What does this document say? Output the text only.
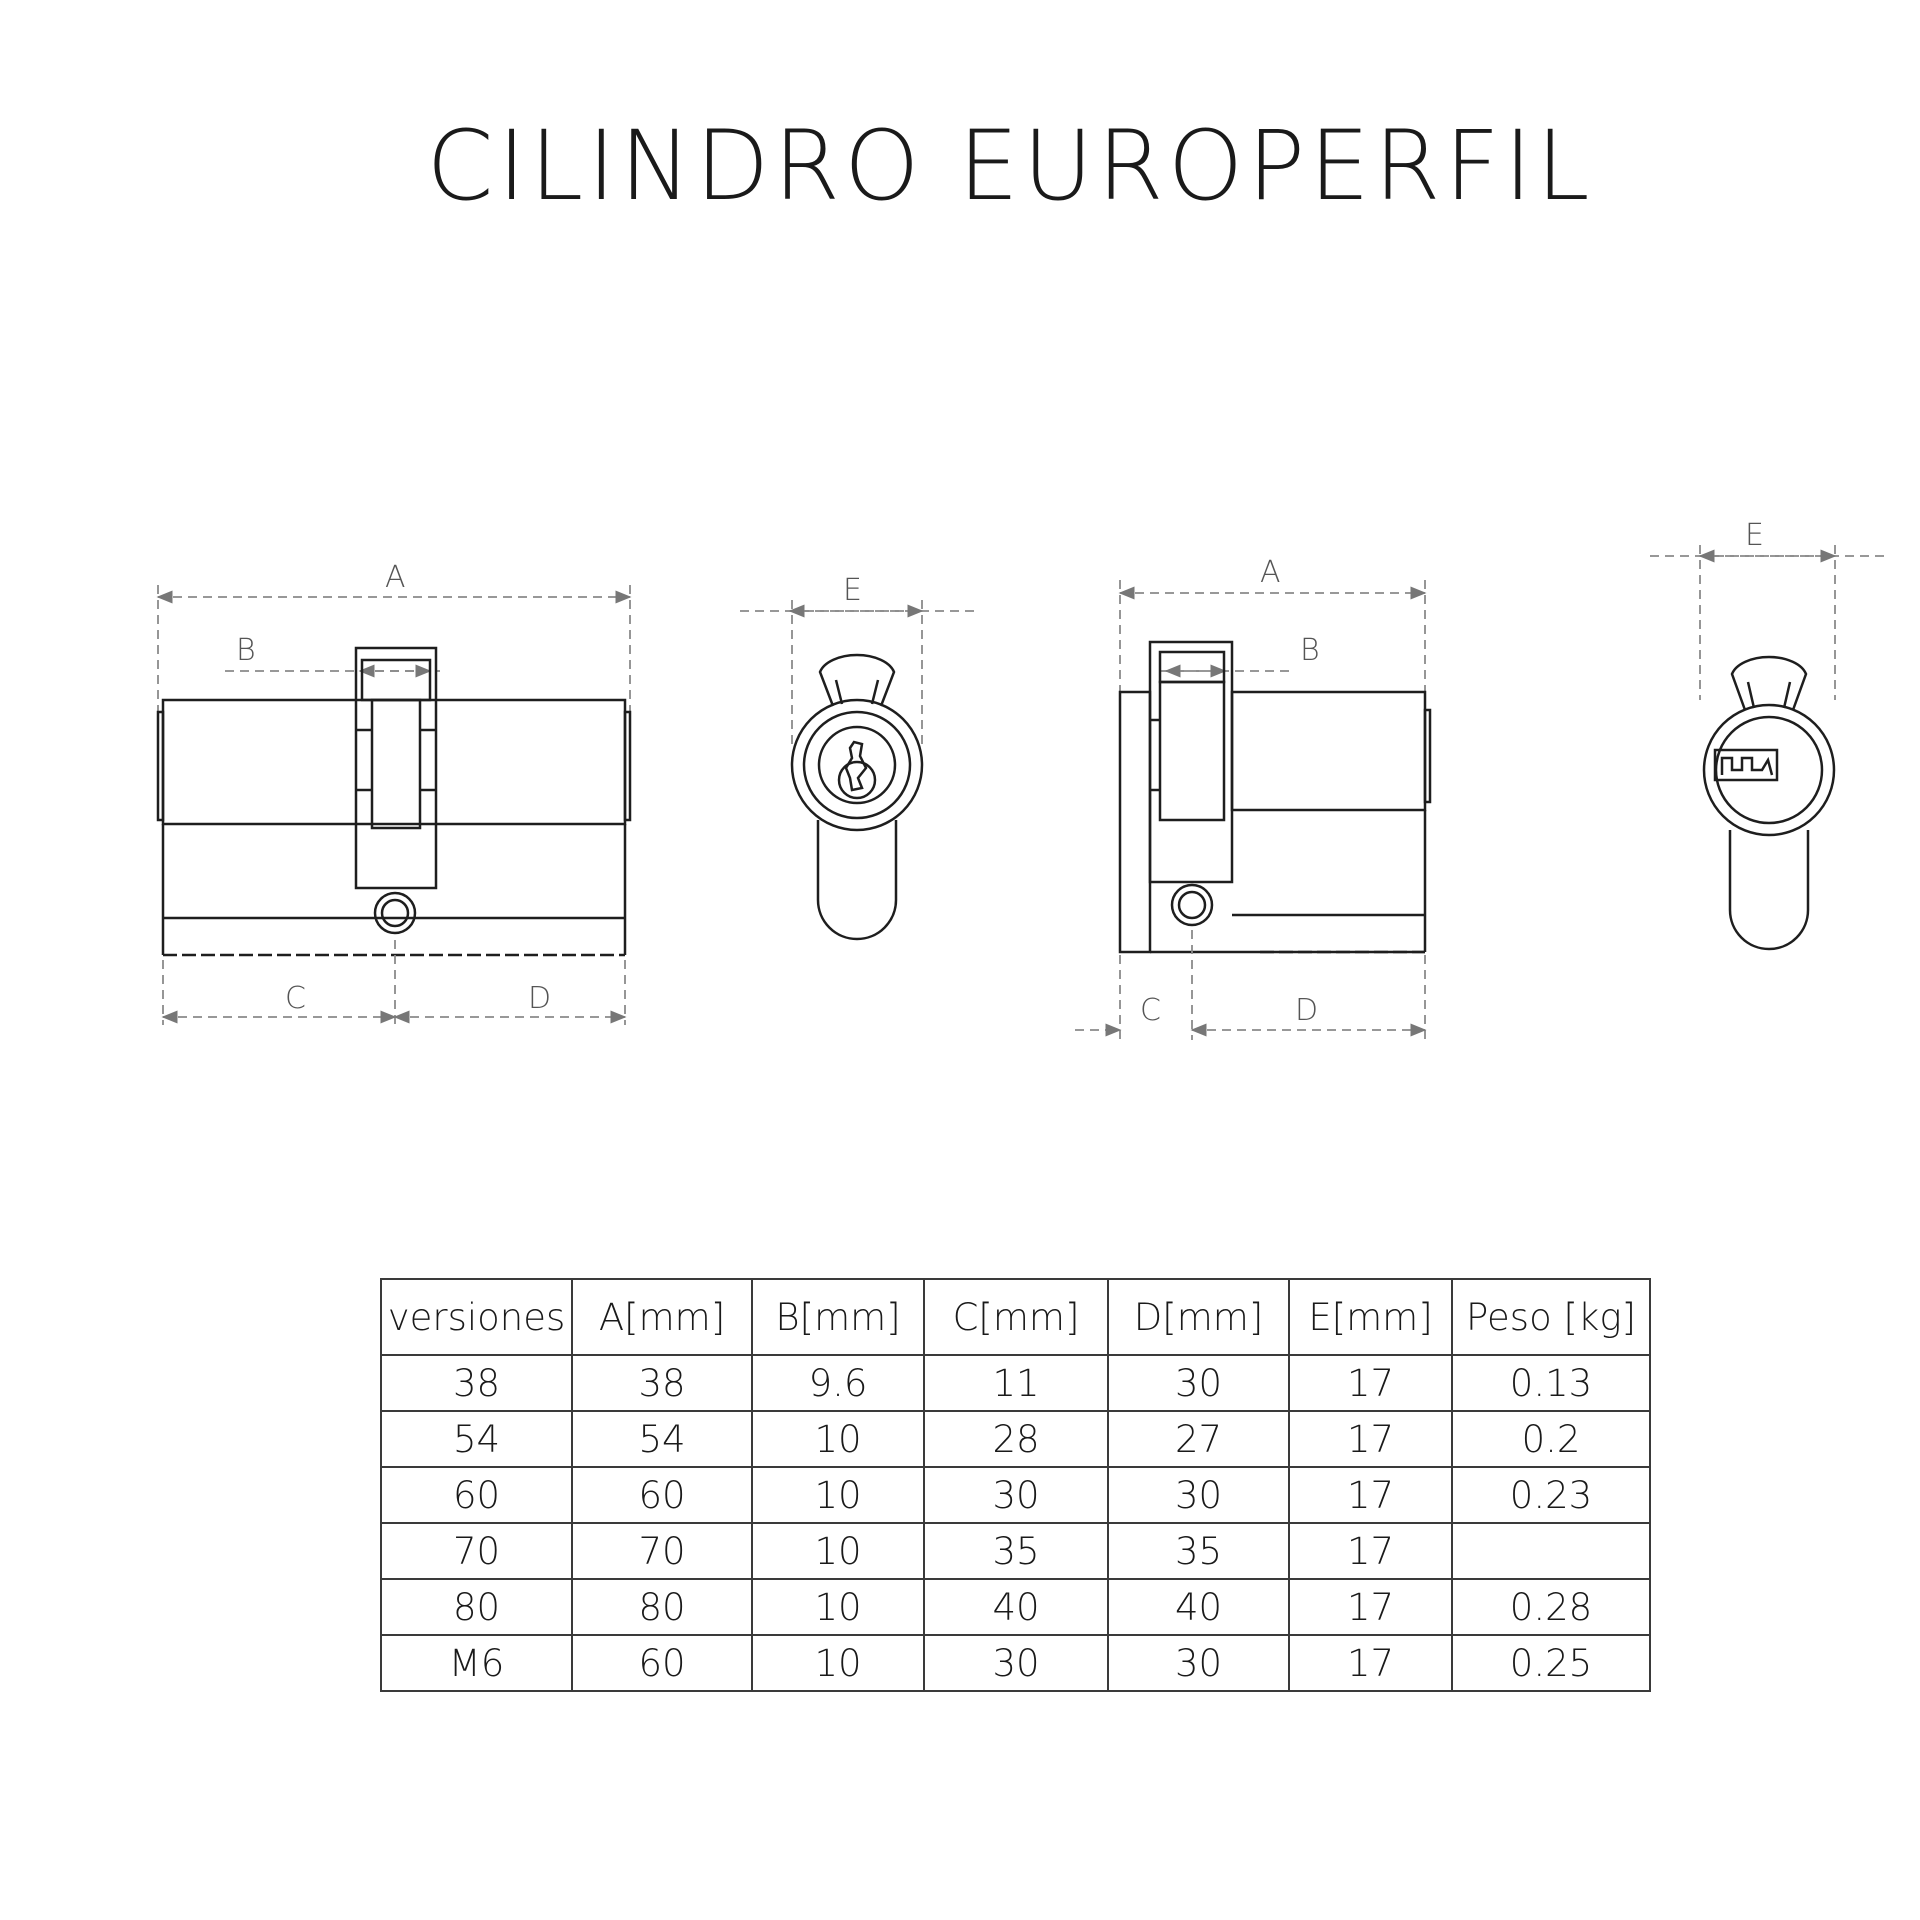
CILINDRO EUROPERFIL
A
B
C	D
E
A
B
C	D
E
versiones	A[mm]	B[mm]	C[mm]	D[mm]	E[mm]	Peso [kg]
38	38	9.6	11	30	17	0.13
54	54	10	28	27	17	0.2
60	60	10	30	30	17	0.23
70	70	10	35	35	17	
80	80	10	40	40	17	0.28
M6	60	10	30	30	17	0.25
